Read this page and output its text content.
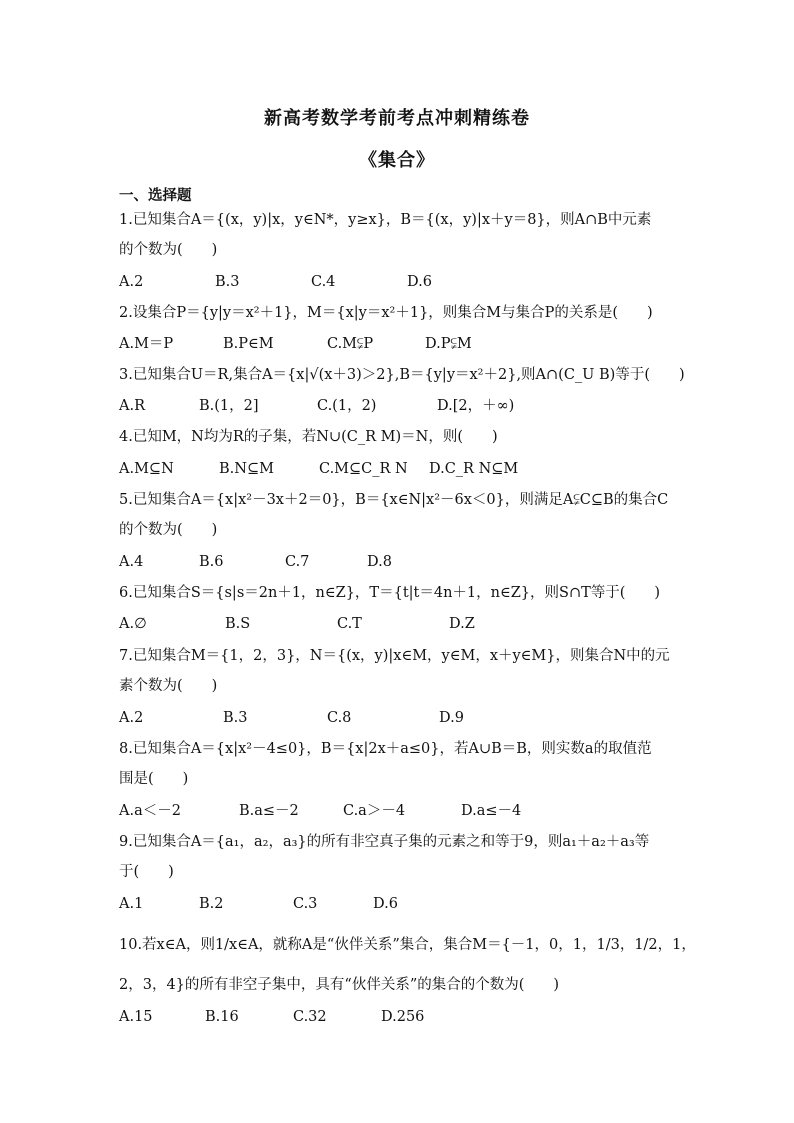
新高考数学考前考点冲刺精练卷
《集合》
一、选择题
1.已知集合A＝{(x，y)|x，y∈N*，y≥x}，B＝{(x，y)|x＋y＝8}，则A∩B中元素
的个数为(　　)
A.2	B.3	C.4	D.6
2.设集合P＝{y|y＝x²＋1}，M＝{x|y＝x²＋1}，则集合M与集合P的关系是(　　)
A.M＝P	B.P∈M	C.M⫋P	D.P⫋M
3.已知集合U＝R,集合A＝{x|√(x＋3)＞2},B＝{y|y＝x²＋2},则A∩(C_U B)等于(　　)
A.R	B.(1，2]	C.(1，2)	D.[2，＋∞)
4.已知M，N均为R的子集，若N∪(C_R M)＝N，则(　　)
A.M⊆N	B.N⊆M	C.M⊆C_R N D.C_R N⊆M
5.已知集合A＝{x|x²－3x＋2＝0}，B＝{x∈N|x²－6x＜0}，则满足A⫋C⊆B的集合C
的个数为(　　)
A.4	B.6	C.7	D.8
6.已知集合S＝{s|s＝2n＋1，n∈Z}，T＝{t|t＝4n＋1，n∈Z}，则S∩T等于(　　)
A.∅	B.S	C.T	D.Z
7.已知集合M＝{1，2，3}，N＝{(x，y)|x∈M，y∈M，x＋y∈M}，则集合N中的元
素个数为(　　)
A.2	B.3	C.8	D.9
8.已知集合A＝{x|x²－4≤0}，B＝{x|2x＋a≤0}，若A∪B＝B，则实数a的取值范
围是(　　)
A.a＜－2	B.a≤－2	C.a＞－4	D.a≤－4
9.已知集合A＝{a₁，a₂，a₃}的所有非空真子集的元素之和等于9，则a₁＋a₂＋a₃等
于(　　)
A.1	B.2	C.3	D.6
10.若x∈A，则1/x∈A，就称A是“伙伴关系”集合，集合M＝{－1，0，1，1/3，1/2，1，
2，3，4}的所有非空子集中，具有“伙伴关系”的集合的个数为(　　)
A.15	B.16	C.32	D.256
